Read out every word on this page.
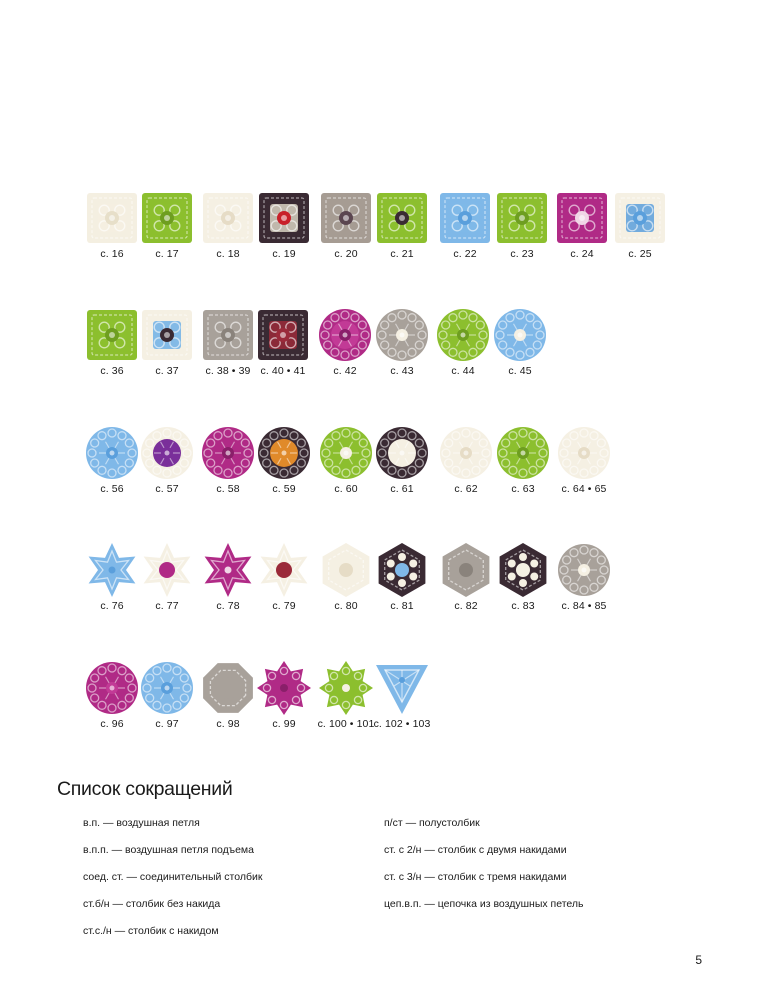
с. 16	с. 17	с. 18	с. 19	с. 20	с. 21	с. 22	с. 23	с. 24	с. 25
с. 36	с. 37	с. 38 • 39 с. 40 • 41	с. 42	с. 43	с. 44	с. 45
с. 56	с. 57	с. 58	с. 59	с. 60	с. 61	с. 62	с. 63	с. 64 • 65
с. 76	с. 77	с. 78	с. 79	с. 80	с. 81	с. 82	с. 83	с. 84 • 85
с. 96	с. 97	с. 98	с. 99 с. 100 • 101 с. 102 • 103
Список сокращений
в.п. — воздушная петля
в.п.п. — воздушная петля подъема
соед. ст. — соединительный столбик
ст.б/н — столбик без накида
ст.с./н — столбик с накидом
п/ст — полустолбик
ст. с 2/н — столбик с двумя накидами
ст. с 3/н — столбик с тремя накидами
цеп.в.п. — цепочка из воздушных петель
5
